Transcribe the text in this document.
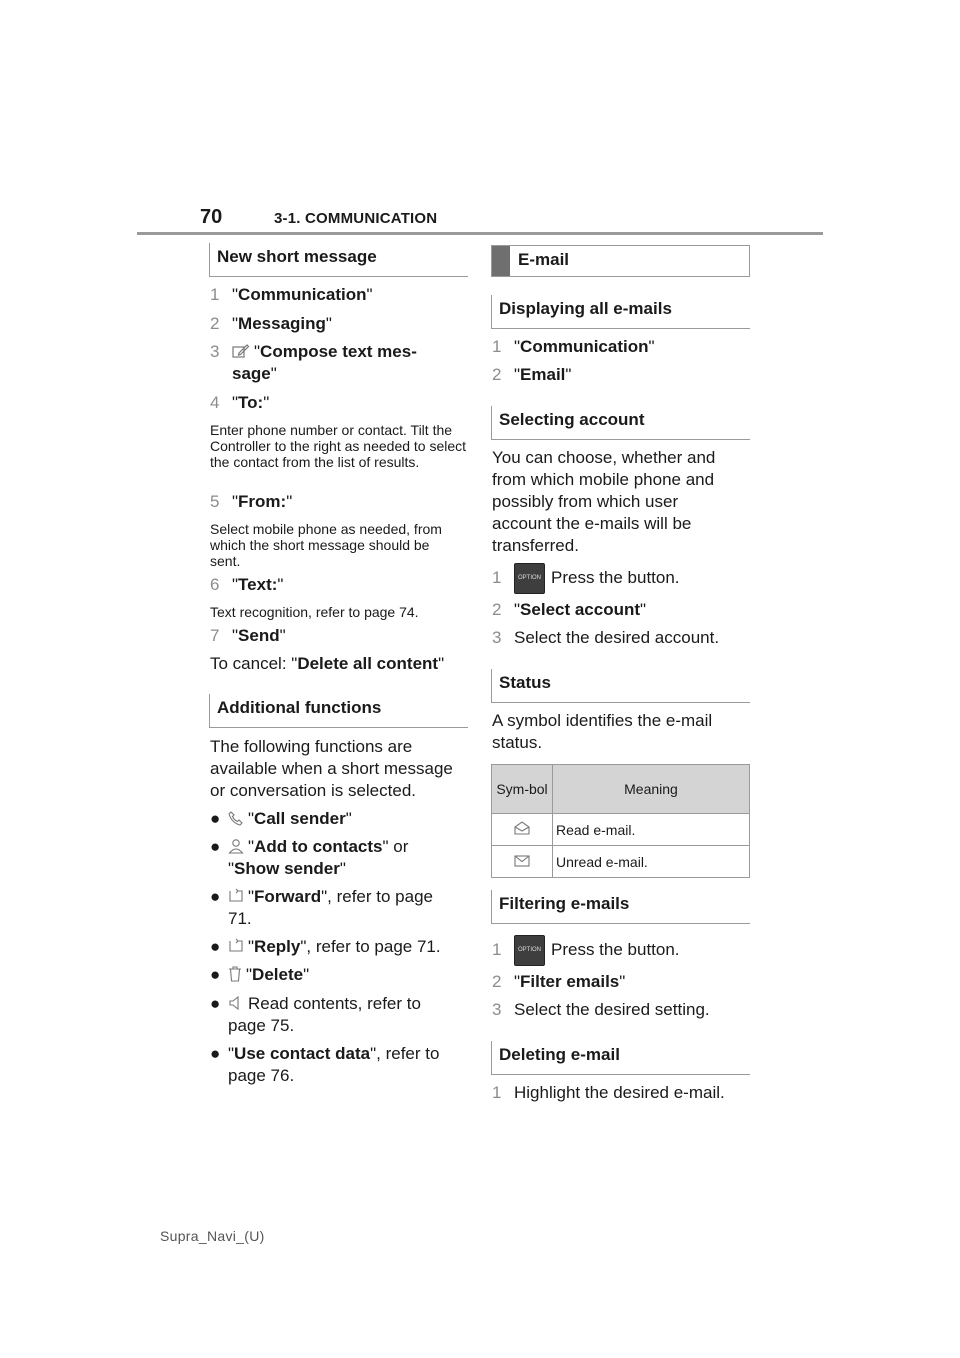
70	3-1. COMMUNICATION
New short message
1 "Communication"
2 "Messaging"
3 "Compose text mes-
sage"
4 "To:"
Enter phone number or contact. Tilt the Controller to the right as needed to select the contact from the list of results.
5 "From:"
Select mobile phone as needed, from which the short message should be sent.
6 "Text:"
Text recognition, refer to page 74.
7 "Send"
To cancel: "Delete all content"
Additional functions
The following functions are available when a short message or conversation is selected.
● "Call sender"
● "Add to contacts" or
"Show sender"
● "Forward", refer to page
71.
● "Reply", refer to page 71.
● "Delete"
● Read contents, refer to
page 75.
● "Use contact data", refer to
page 76.
E-mail
Displaying all e-mails
1 "Communication"
2 "Email"
Selecting account
You can choose, whether and from which mobile phone and possibly from which user account the e-mails will be transferred.
1	OPTION Press the button.
2 "Select account"
3 Select the desired account.
Status
A symbol identifies the e-mail status.
Sym-bol	Meaning
	Read e-mail.
	Unread e-mail.
Filtering e-mails
1	OPTION Press the button.
2 "Filter emails"
3 Select the desired setting.
Deleting e-mail
1 Highlight the desired e-mail.
Supra_Navi_(U)
